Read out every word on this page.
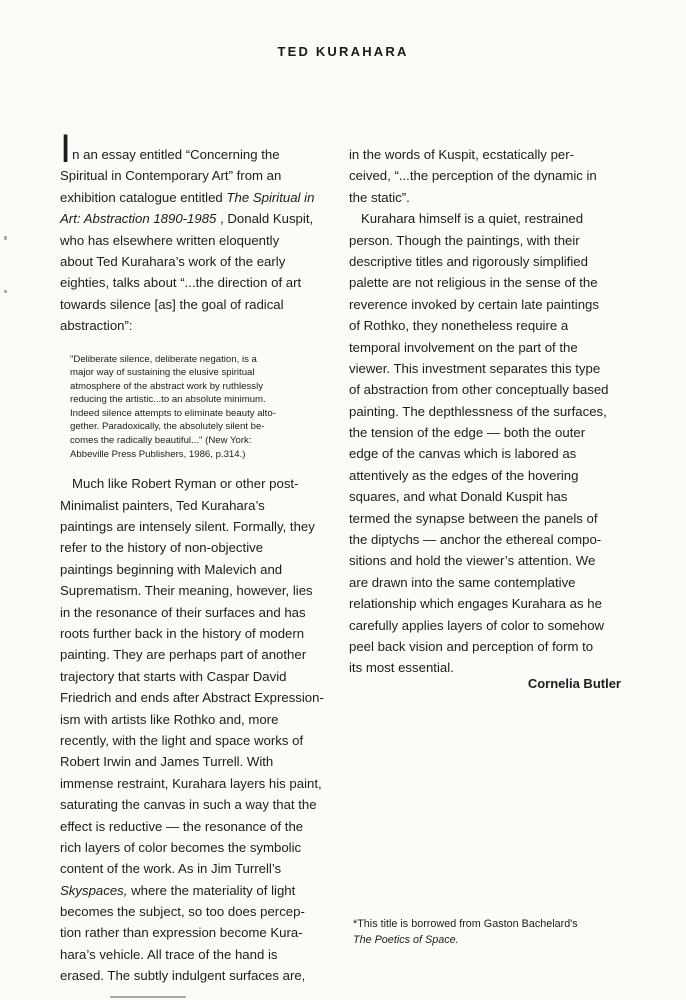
TED KURAHARA
I n an essay entitled “Concerning the
Spiritual in Contemporary Art” from an
exhibition catalogue entitled The Spiritual in
Art: Abstraction 1890-1985 , Donald Kuspit,
who has elsewhere written eloquently
about Ted Kurahara’s work of the early
eighties, talks about “...the direction of art
towards silence [as] the goal of radical
abstraction”:
"Deliberate silence, deliberate negation, is a
major way of sustaining the elusive spiritual
atmosphere of the abstract work by ruthlessly
reducing the artistic...to an absolute minimum.
Indeed silence attempts to eliminate beauty alto-
gether. Paradoxically, the absolutely silent be-
comes the radically beautiful..." (New York:
Abbeville Press Publishers, 1986, p.314.)
Much like Robert Ryman or other post-
Minimalist painters, Ted Kurahara’s
paintings are intensely silent. Formally, they
refer to the history of non-objective
paintings beginning with Malevich and
Suprematism. Their meaning, however, lies
in the resonance of their surfaces and has
roots further back in the history of modern
painting. They are perhaps part of another
trajectory that starts with Caspar David
Friedrich and ends after Abstract Expression-
ism with artists like Rothko and, more
recently, with the light and space works of
Robert Irwin and James Turrell. With
immense restraint, Kurahara layers his paint,
saturating the canvas in such a way that the
effect is reductive — the resonance of the
rich layers of color becomes the symbolic
content of the work. As in Jim Turrell’s
Skyspaces, where the materiality of light
becomes the subject, so too does percep-
tion rather than expression become Kura-
hara’s vehicle. All trace of the hand is
erased. The subtly indulgent surfaces are,
in the words of Kuspit, ecstatically per-
ceived, “...the perception of the dynamic in
the static”.
Kurahara himself is a quiet, restrained
person. Though the paintings, with their
descriptive titles and rigorously simplified
palette are not religious in the sense of the
reverence invoked by certain late paintings
of Rothko, they nonetheless require a
temporal involvement on the part of the
viewer. This investment separates this type
of abstraction from other conceptually based
painting. The depthlessness of the surfaces,
the tension of the edge — both the outer
edge of the canvas which is labored as
attentively as the edges of the hovering
squares, and what Donald Kuspit has
termed the synapse between the panels of
the diptychs — anchor the ethereal compo-
sitions and hold the viewer’s attention. We
are drawn into the same contemplative
relationship which engages Kurahara as he
carefully applies layers of color to somehow
peel back vision and perception of form to
its most essential.
Cornelia Butler
*This title is borrowed from Gaston Bachelard's
The Poetics of Space.
